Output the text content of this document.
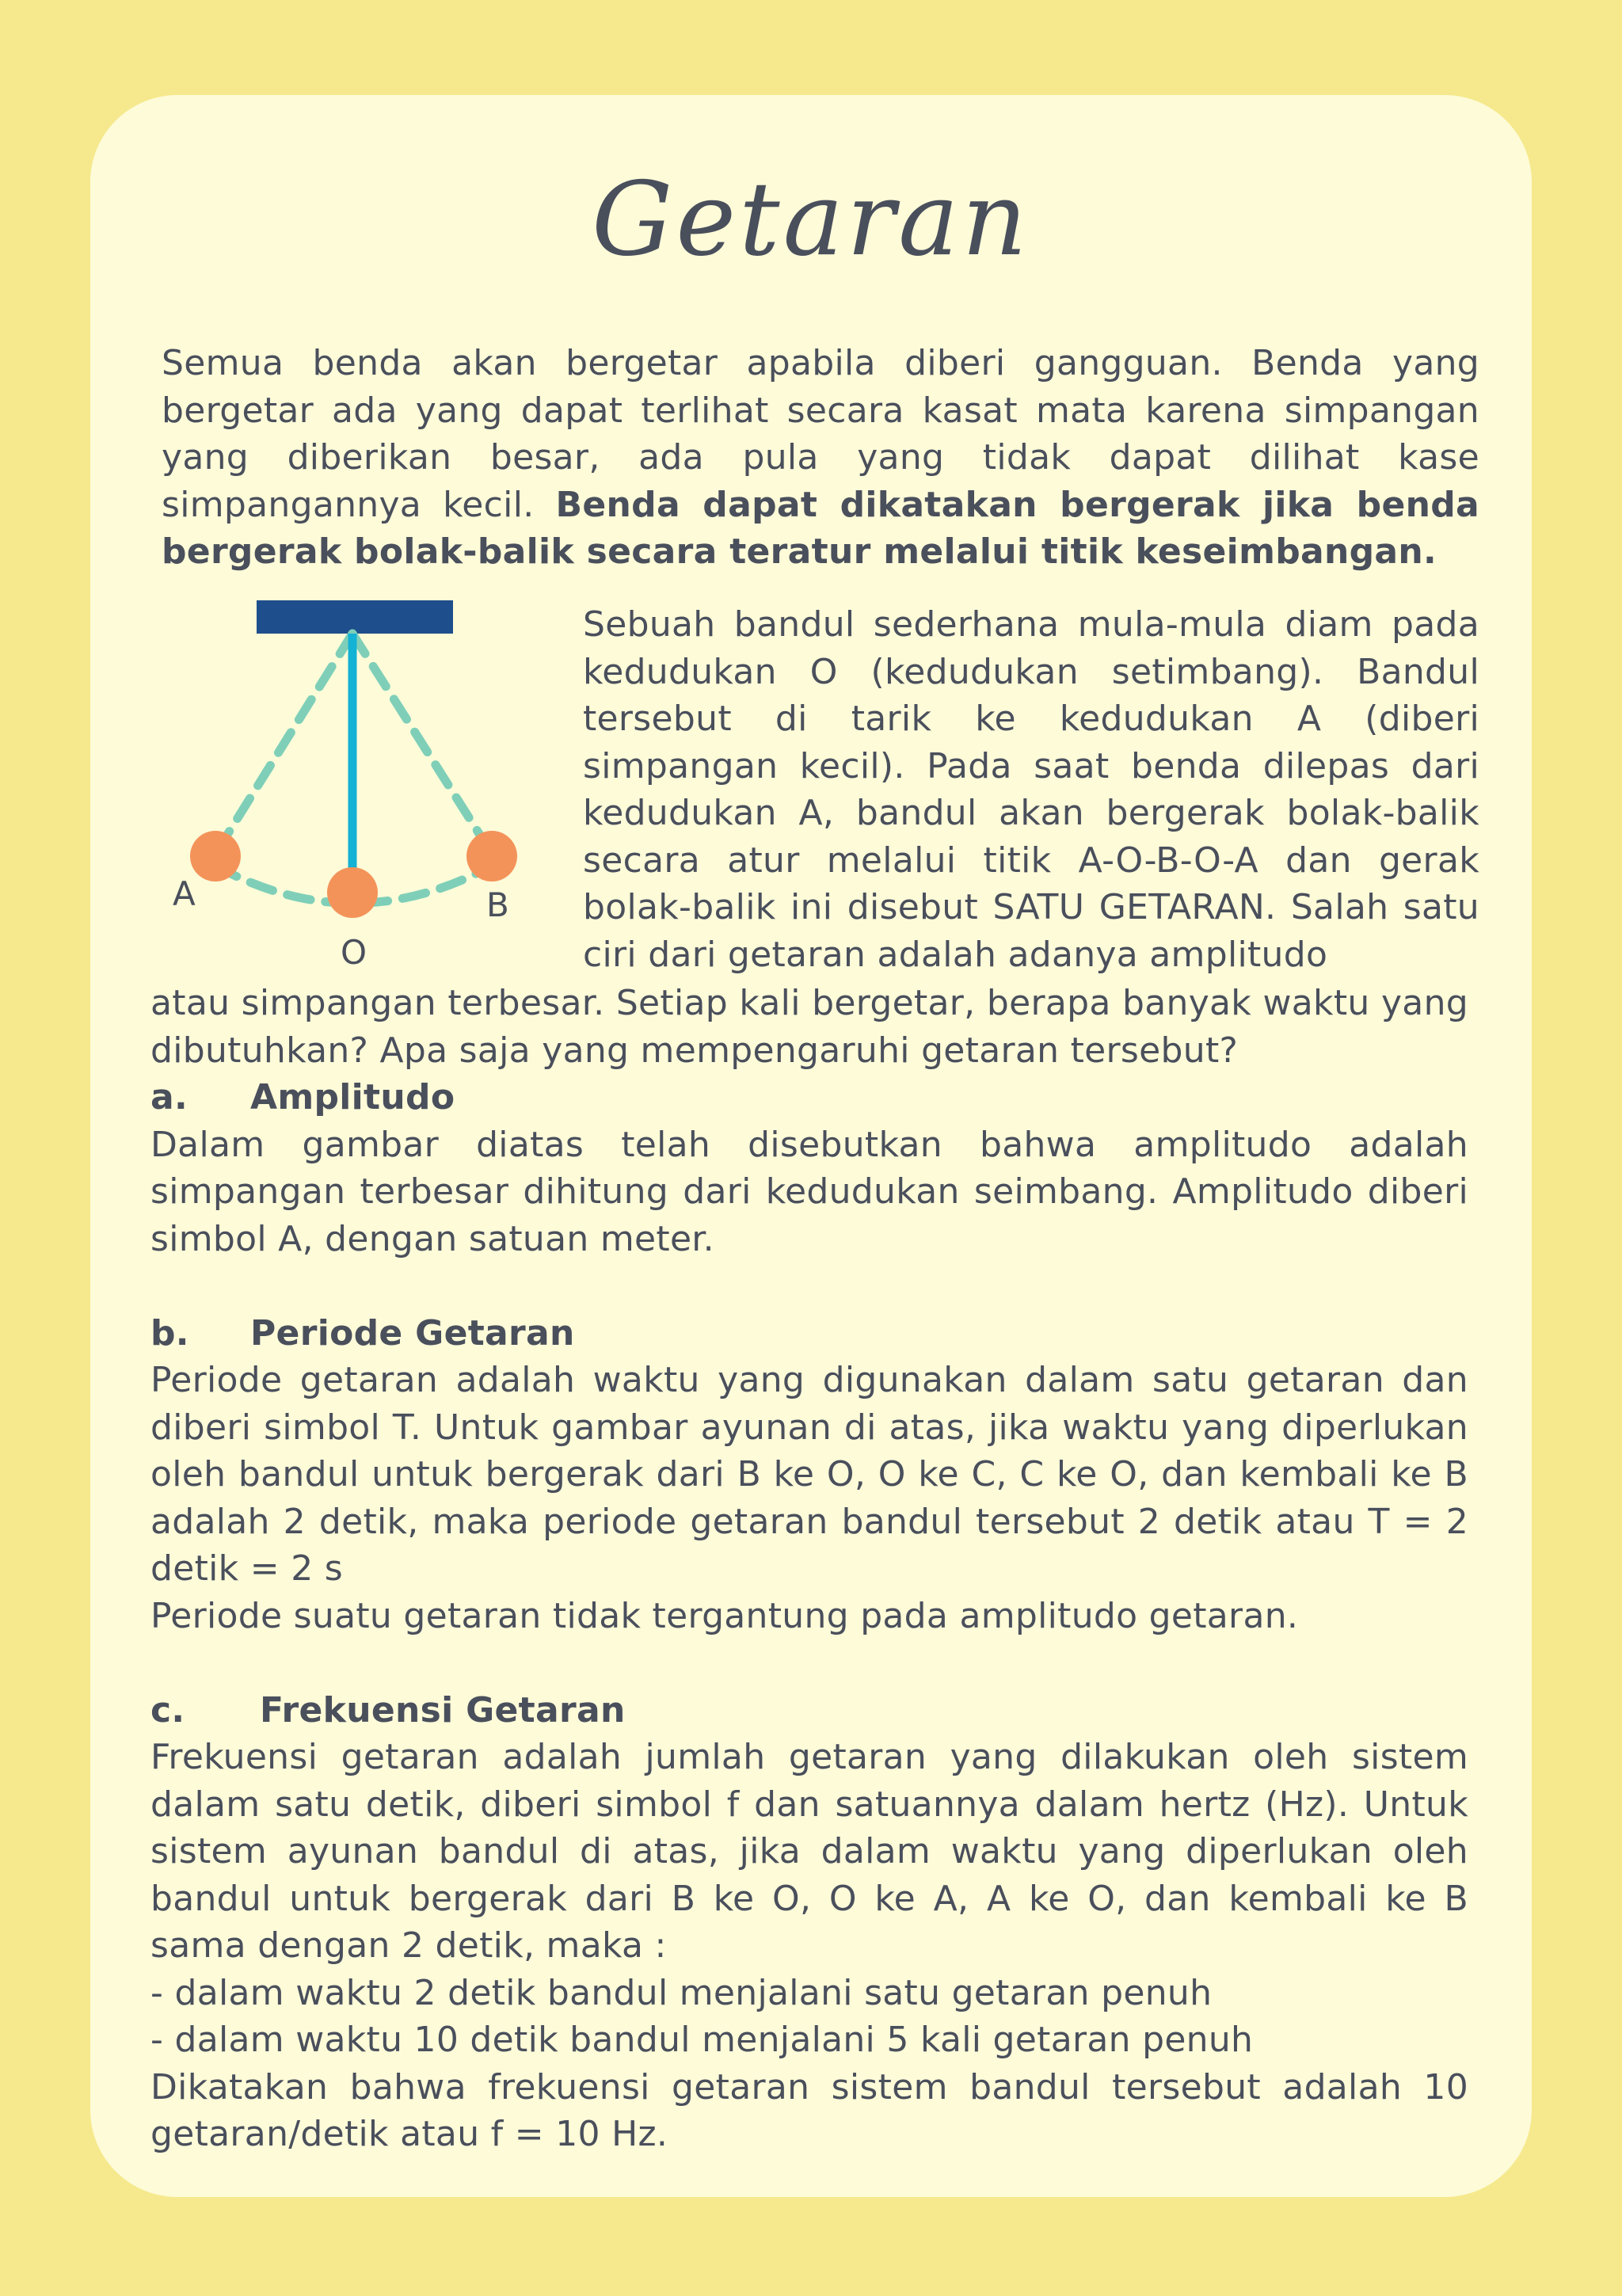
Getaran

Semua benda akan bergetar apabila diberi gangguan. Benda yang bergetar ada yang dapat terlihat secara kasat mata karena simpangan yang diberikan besar, ada pula yang tidak dapat dilihat kase simpangannya kecil. Benda dapat dikatakan bergerak jika benda bergerak bolak-balik secara teratur melalui titik keseimbangan.

A	B
O

Sebuah bandul sederhana mula-mula diam pada kedudukan O (kedudukan setimbang). Bandul tersebut di tarik ke kedudukan A (diberi simpangan kecil). Pada saat benda dilepas dari kedudukan A, bandul akan bergerak bolak-balik secara atur melalui titik A-O-B-O-A dan gerak bolak-balik ini disebut SATU GETARAN. Salah satu ciri dari getaran adalah adanya amplitudo

atau simpangan terbesar. Setiap kali bergetar, berapa banyak waktu yang dibutuhkan? Apa saja yang mempengaruhi getaran tersebut?

a.	Amplitudo

Dalam gambar diatas telah disebutkan bahwa amplitudo adalah simpangan terbesar dihitung dari kedudukan seimbang. Amplitudo diberi simbol A, dengan satuan meter.

b.	Periode Getaran

Periode getaran adalah waktu yang digunakan dalam satu getaran dan diberi simbol T. Untuk gambar ayunan di atas, jika waktu yang diperlukan oleh bandul untuk bergerak dari B ke O, O ke C, C ke O, dan kembali ke B adalah 2 detik, maka periode getaran bandul tersebut 2 detik atau T = 2 detik = 2 s

Periode suatu getaran tidak tergantung pada amplitudo getaran.

c.	Frekuensi Getaran

Frekuensi getaran adalah jumlah getaran yang dilakukan oleh sistem dalam satu detik, diberi simbol f dan satuannya dalam hertz (Hz). Untuk sistem ayunan bandul di atas, jika dalam waktu yang diperlukan oleh bandul untuk bergerak dari B ke O, O ke A, A ke O, dan kembali ke B sama dengan 2 detik, maka :

- dalam waktu 2 detik bandul menjalani satu getaran penuh

- dalam waktu 10 detik bandul menjalani 5 kali getaran penuh

Dikatakan bahwa frekuensi getaran sistem bandul tersebut adalah 10 getaran/detik atau f = 10 Hz.
